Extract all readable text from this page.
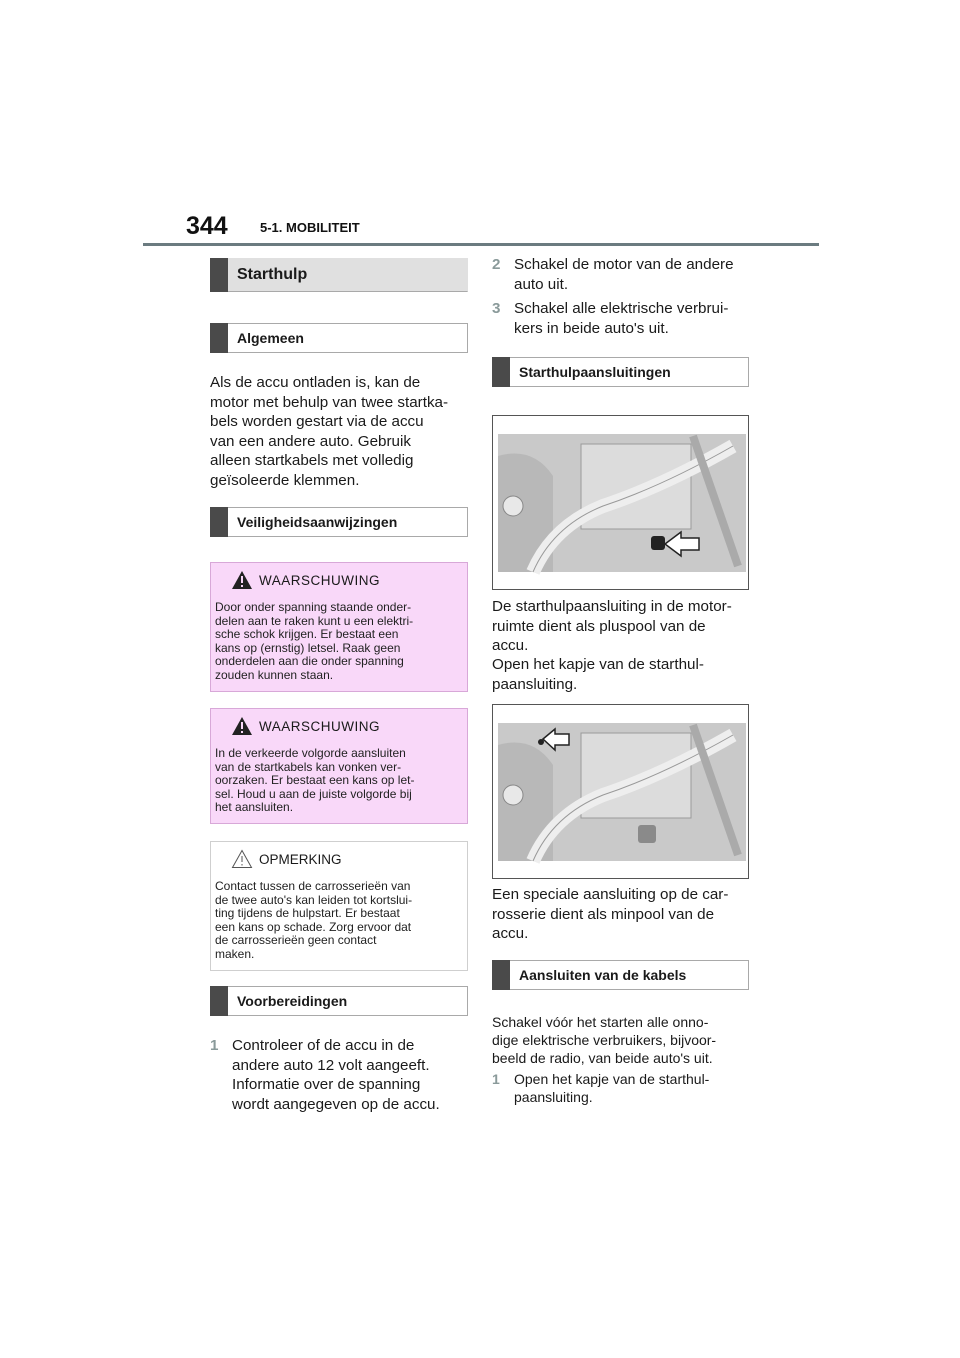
344 5-1. MOBILITEIT
Starthulp
Algemeen
Als de accu ontladen is, kan de
motor met behulp van twee startka-
bels worden gestart via de accu
van een andere auto. Gebruik
alleen startkabels met volledig
geïsoleerde klemmen.
Veiligheidsaanwijzingen
WAARSCHUWING
Door onder spanning staande onder-
delen aan te raken kunt u een elektri-
sche schok krijgen. Er bestaat een
kans op (ernstig) letsel. Raak geen
onderdelen aan die onder spanning
zouden kunnen staan.
WAARSCHUWING
In de verkeerde volgorde aansluiten
van de startkabels kan vonken ver-
oorzaken. Er bestaat een kans op let-
sel. Houd u aan de juiste volgorde bij
het aansluiten.
OPMERKING
Contact tussen de carrosserieën van
de twee auto's kan leiden tot kortslui-
ting tijdens de hulpstart. Er bestaat
een kans op schade. Zorg ervoor dat
de carrosserieën geen contact
maken.
Voorbereidingen
1 Controleer of de accu in de
andere auto 12 volt aangeeft.
Informatie over de spanning
wordt aangegeven op de accu.
2 Schakel de motor van de andere
auto uit.
3 Schakel alle elektrische verbrui-
kers in beide auto's uit.
Starthulpaansluitingen
De starthulpaansluiting in de motor-
ruimte dient als pluspool van de
accu.
Open het kapje van de starthul-
paansluiting.
Een speciale aansluiting op de car-
rosserie dient als minpool van de
accu.
Aansluiten van de kabels
Schakel vóór het starten alle onno-
dige elektrische verbruikers, bijvoor-
beeld de radio, van beide auto's uit.
1 Open het kapje van de starthul-
paansluiting.
